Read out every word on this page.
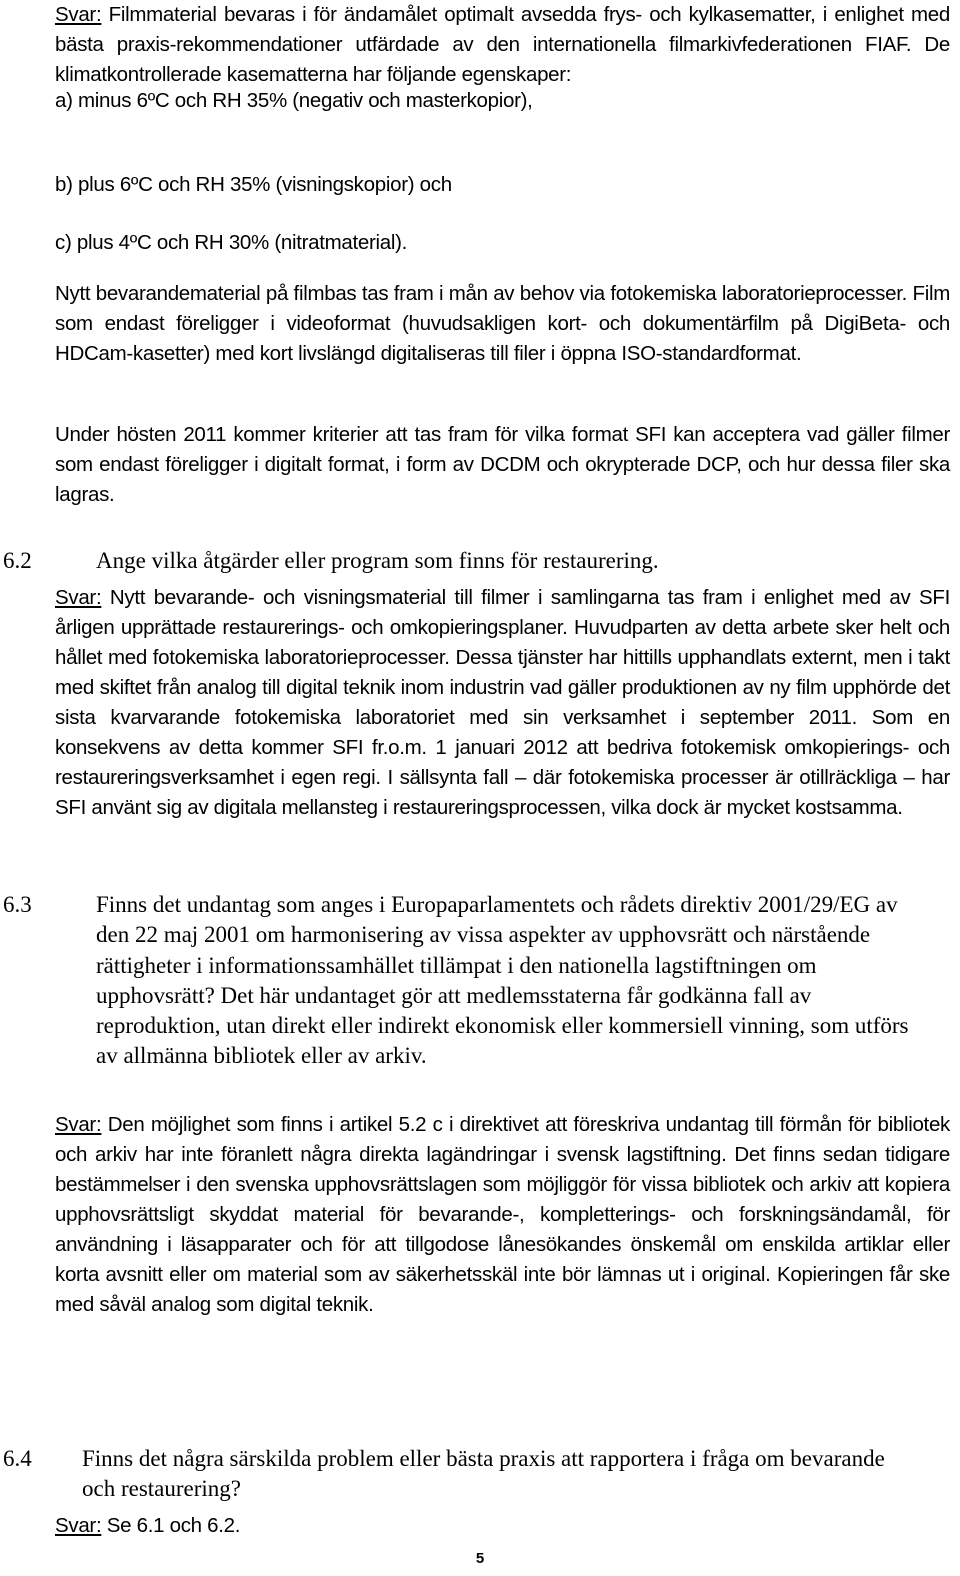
Svar: Filmmaterial bevaras i för ändamålet optimalt avsedda frys- och kylkasematter, i enlighet med bästa praxis-rekommendationer utfärdade av den internationella filmarkivfederationen FIAF. De klimatkontrollerade kasematterna har följande egenskaper:

a) minus 6ºC och RH 35% (negativ och masterkopior),
b) plus 6ºC och RH 35% (visningskopior) och
c) plus 4ºC och RH 30% (nitratmaterial).
Nytt bevarandematerial på filmbas tas fram i mån av behov via fotokemiska laboratorieprocesser. Film som endast föreligger i videoformat (huvudsakligen kort- och dokumentärfilm på DigiBeta- och HDCam-kasetter) med kort livslängd digitaliseras till filer i öppna ISO-standardformat.
Under hösten 2011 kommer kriterier att tas fram för vilka format SFI kan acceptera vad gäller filmer som endast föreligger i digitalt format, i form av DCDM och okrypterade DCP, och hur dessa filer ska lagras.
6.2	Ange vilka åtgärder eller program som finns för restaurering.

Svar: Nytt bevarande- och visningsmaterial till filmer i samlingarna tas fram i enlighet med av SFI årligen upprättade restaurerings- och omkopieringsplaner. Huvudparten av detta arbete sker helt och hållet med fotokemiska laboratorieprocesser. Dessa tjänster har hittills upphandlats externt, men i takt med skiftet från analog till digital teknik inom industrin vad gäller produktionen av ny film upphörde det sista kvarvarande fotokemiska laboratoriet med sin verksamhet i september 2011. Som en konsekvens av detta kommer SFI fr.o.m. 1 januari 2012 att bedriva fotokemisk omkopierings- och restaureringsverksamhet i egen regi. I sällsynta fall – där fotokemiska processer är otillräckliga – har SFI använt sig av digitala mellansteg i restaureringsprocessen, vilka dock är mycket kostsamma.

6.3	Finns det undantag som anges i Europaparlamentets och rådets direktiv 2001/29/EG av den 22 maj 2001 om harmonisering av vissa aspekter av upphovsrätt och närstående rättigheter i informationssamhället tillämpat i den nationella lagstiftningen om upphovsrätt? Det här undantaget gör att medlemsstaterna får godkänna fall av reproduktion, utan direkt eller indirekt ekonomisk eller kommersiell vinning, som utförs av allmänna bibliotek eller av arkiv.

Svar: Den möjlighet som finns i artikel 5.2 c i direktivet att föreskriva undantag till förmån för bibliotek och arkiv har inte föranlett några direkta lagändringar i svensk lagstiftning. Det finns sedan tidigare bestämmelser i den svenska upphovsrättslagen som möjliggör för vissa bibliotek och arkiv att kopiera upphovsrättsligt skyddat material för bevarande-, kompletterings- och forskningsändamål, för användning i läsapparater och för att tillgodose lånesökandes önskemål om enskilda artiklar eller korta avsnitt eller om material som av säkerhetsskäl inte bör lämnas ut i original. Kopieringen får ske med såväl analog som digital teknik.

6.4 Finns det några särskilda problem eller bästa praxis att rapportera i fråga om bevarande och restaurering?

Svar: Se 6.1 och 6.2.

5
